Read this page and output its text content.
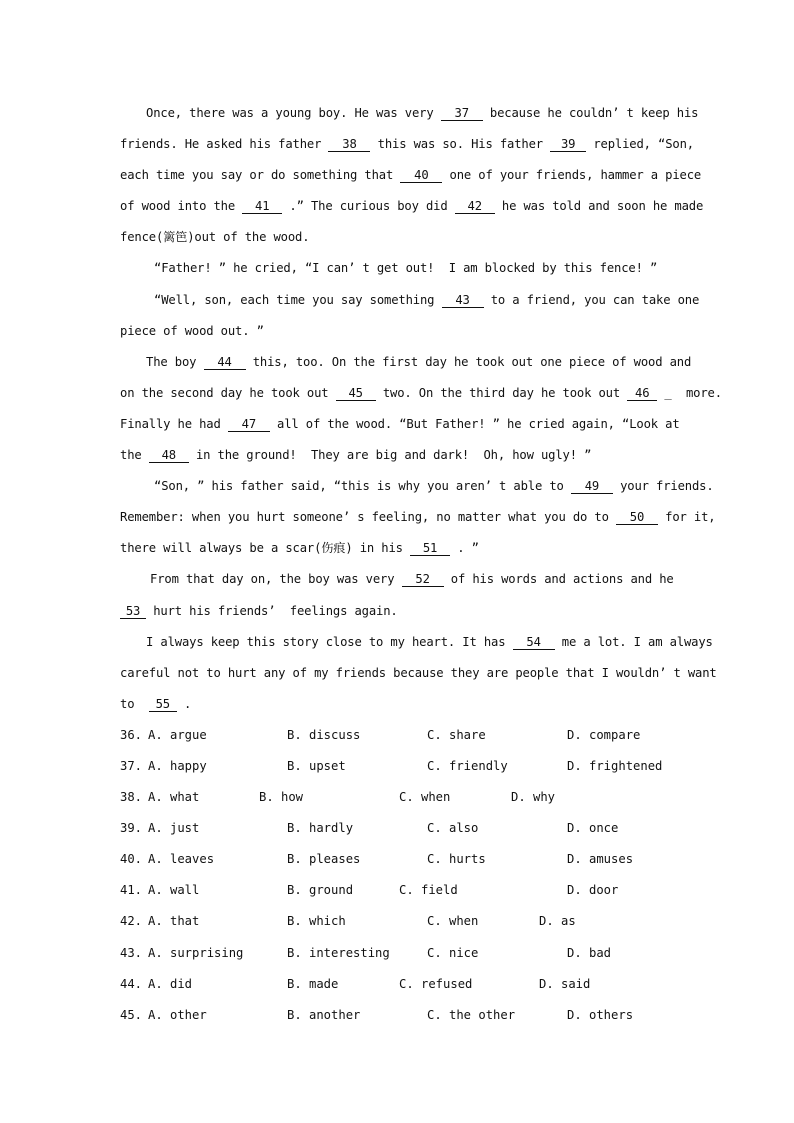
Once, there was a young boy. He was very 37 because he couldn’ t keep his
friends. He asked his father 38 this was so. His father 39 replied, “Son,
each time you say or do something that 40 one of your friends, hammer a piece
of wood into the 41 .” The curious boy did 42 he was told and soon he made
fence(篱笆)out of the wood.
“Father! ” he cried, “I can’ t get out!  I am blocked by this fence! ”
“Well, son, each time you say something 43 to a friend, you can take one
piece of wood out. ”
The boy 44 this, too. On the first day he took out one piece of wood and
on the second day he took out 45 two. On the third day he took out 46 _  more.
Finally he had 47 all of the wood. “But Father! ” he cried again, “Look at
the 48 in the ground!  They are big and dark!  Oh, how ugly! ”
“Son, ” his father said, “this is why you aren’ t able to 49 your friends.
Remember: when you hurt someone’ s feeling, no matter what you do to 50 for it,
there will always be a scar(伤痕) in his 51 . ”
From that day on, the boy was very 52 of his words and actions and he
53 hurt his friends’  feelings again.
I always keep this story close to my heart. It has 54 me a lot. I am always
careful not to hurt any of my friends because they are people that I wouldn’ t want
to  55 .
36. A. argue	B. discuss	C. share	D. compare
37. A. happy	B. upset	C. friendly	D. frightened
38. A. what	B. how	C. when	D. why
39. A. just	B. hardly	C. also	D. once
40. A. leaves	B. pleases	C. hurts	D. amuses
41. A. wall	B. ground	C. field	D. door
42. A. that	B. which	C. when	D. as
43. A. surprising	B. interesting	C. nice	D. bad
44. A. did	B. made	C. refused	D. said
45. A. other	B. another	C. the other	D. others
